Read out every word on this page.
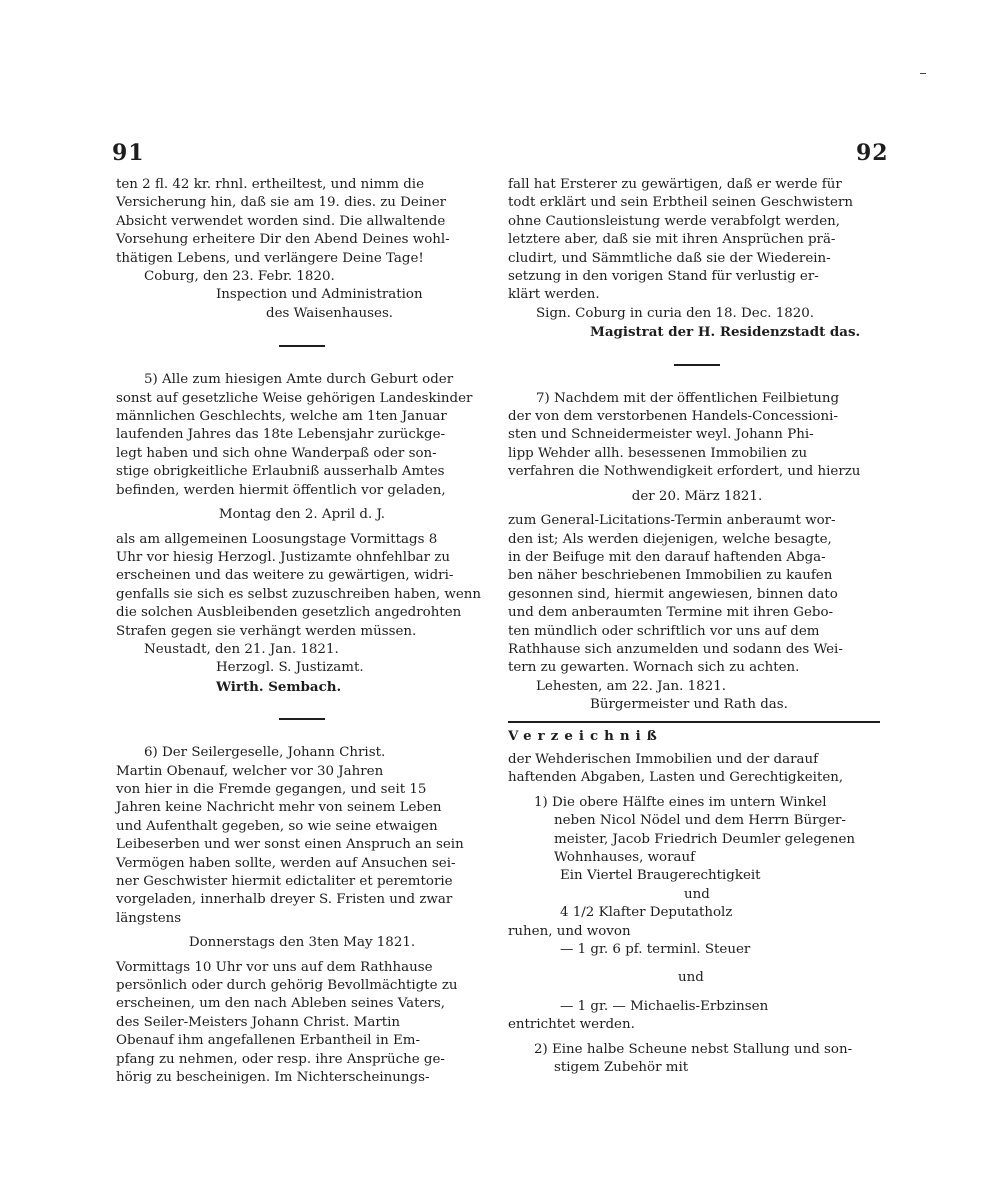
91	92

ten 2 fl. 42 kr. rhnl. ertheiltest, und nimm die

Versicherung hin, daß sie am 19. dies. zu Deiner

Absicht verwendet worden sind. Die allwaltende

Vorsehung erheitere Dir den Abend Deines wohl-

thätigen Lebens, und verlängere Deine Tage!

Coburg, den 23. Febr. 1820.

Inspection und Administration

des Waisenhauses.

5) Alle zum hiesigen Amte durch Geburt oder

sonst auf gesetzliche Weise gehörigen Landeskinder

männlichen Geschlechts, welche am 1ten Januar

laufenden Jahres das 18te Lebensjahr zurückge-

legt haben und sich ohne Wanderpaß oder son-

stige obrigkeitliche Erlaubniß ausserhalb Amtes

befinden, werden hiermit öffentlich vor geladen,

Montag den 2. April d. J.

als am allgemeinen Loosungstage Vormittags 8

Uhr vor hiesig Herzogl. Justizamte ohnfehlbar zu

erscheinen und das weitere zu gewärtigen, widri-

genfalls sie sich es selbst zuzuschreiben haben, wenn

die solchen Ausbleibenden gesetzlich angedrohten

Strafen gegen sie verhängt werden müssen.

Neustadt, den 21. Jan. 1821.

Herzogl. S. Justizamt.

Wirth. Sembach.

6) Der Seilergeselle, Johann Christ.

Martin Obenauf, welcher vor 30 Jahren

von hier in die Fremde gegangen, und seit 15

Jahren keine Nachricht mehr von seinem Leben

und Aufenthalt gegeben, so wie seine etwaigen

Leibeserben und wer sonst einen Anspruch an sein

Vermögen haben sollte, werden auf Ansuchen sei-

ner Geschwister hiermit edictaliter et peremtorie

vorgeladen, innerhalb dreyer S. Fristen und zwar

längstens

Donnerstags den 3ten May 1821.

Vormittags 10 Uhr vor uns auf dem Rathhause

persönlich oder durch gehörig Bevollmächtigte zu

erscheinen, um den nach Ableben seines Vaters,

des Seiler-Meisters Johann Christ. Martin

Obenauf ihm angefallenen Erbantheil in Em-

pfang zu nehmen, oder resp. ihre Ansprüche ge-

hörig zu bescheinigen. Im Nichterscheinungs-

fall hat Ersterer zu gewärtigen, daß er werde für

todt erklärt und sein Erbtheil seinen Geschwistern

ohne Cautionsleistung werde verabfolgt werden,

letztere aber, daß sie mit ihren Ansprüchen prä-

cludirt, und Sämmtliche daß sie der Wiederein-

setzung in den vorigen Stand für verlustig er-

klärt werden.

Sign. Coburg in curia den 18. Dec. 1820.

Magistrat der H. Residenzstadt das.

7) Nachdem mit der öffentlichen Feilbietung

der von dem verstorbenen Handels-Concessioni-

sten und Schneidermeister weyl. Johann Phi-

lipp Wehder allh. besessenen Immobilien zu

verfahren die Nothwendigkeit erfordert, und hierzu

der 20. März 1821.

zum General-Licitations-Termin anberaumt wor-

den ist; Als werden diejenigen, welche besagte,

in der Beifuge mit den darauf haftenden Abga-

ben näher beschriebenen Immobilien zu kaufen

gesonnen sind, hiermit angewiesen, binnen dato

und dem anberaumten Termine mit ihren Gebo-

ten mündlich oder schriftlich vor uns auf dem

Rathhause sich anzumelden und sodann des Wei-

tern zu gewarten. Wornach sich zu achten.

Lehesten, am 22. Jan. 1821.

Bürgermeister und Rath das.

Verzeichniß

der Wehderischen Immobilien und der darauf

haftenden Abgaben, Lasten und Gerechtigkeiten,

1) Die obere Hälfte eines im untern Winkel

neben Nicol Nödel und dem Herrn Bürger-

meister, Jacob Friedrich Deumler gelegenen

Wohnhauses, worauf

Ein Viertel Braugerechtigkeit

und

4 1/2 Klafter Deputatholz

ruhen, und wovon

— 1 gr. 6 pf. terminl. Steuer

und

— 1 gr. — Michaelis-Erbzinsen

entrichtet werden.

2) Eine halbe Scheune nebst Stallung und son-

stigem Zubehör mit
